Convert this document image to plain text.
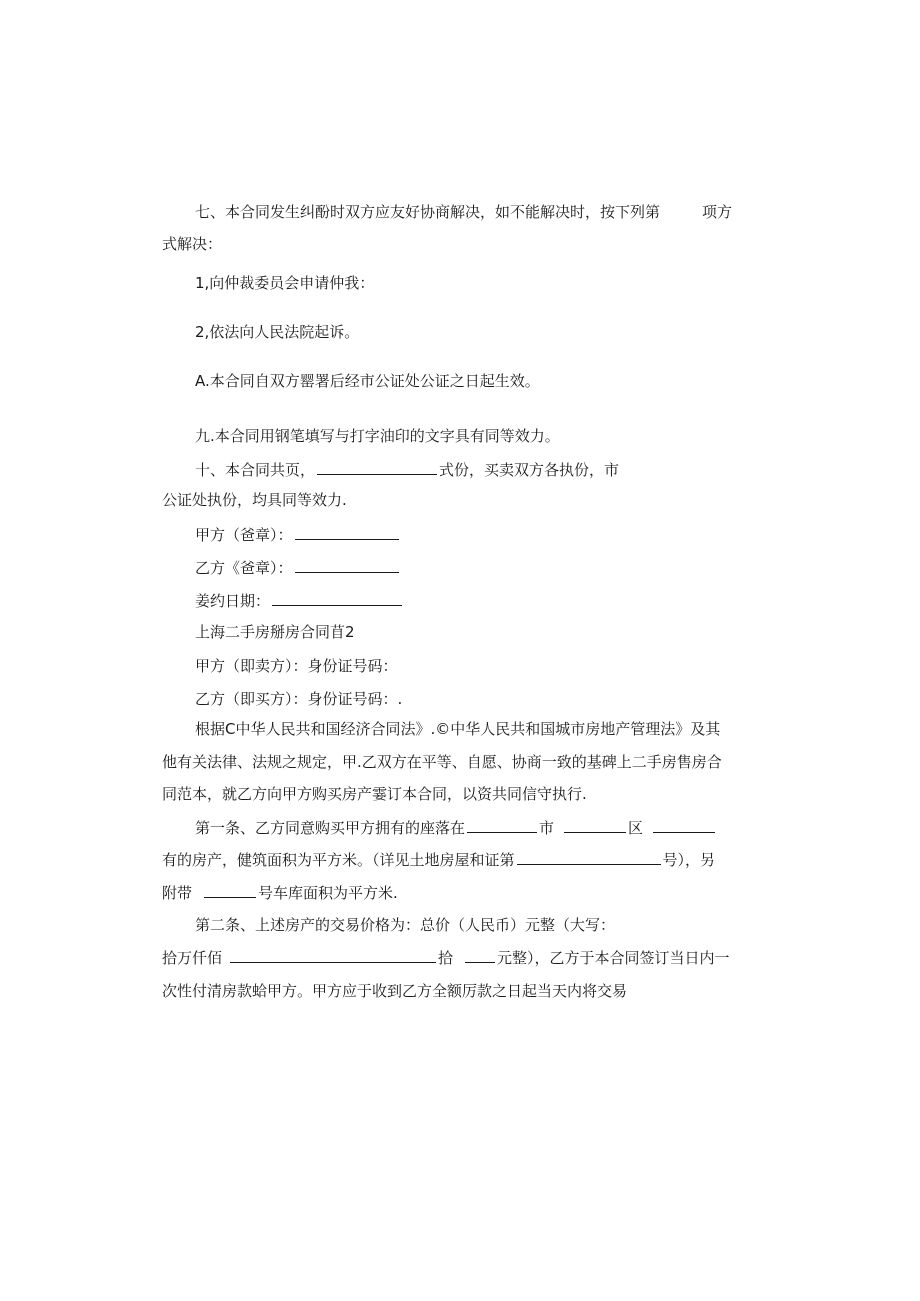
七、本合同发生纠酚时双方应友好协商解决，如不能解决时，按下列第	项方
式解决：
1,向仲裁委员会申请仲我：
2,依法向人民法院起诉。
A.本合同自双方罂署后经市公证处公证之日起生效。
九.本合同用钢笔填写与打字油印的文字具有同等效力。
十、本合同共页，	式份，买卖双方各执份，市
公证处执份，均具同等效力.
甲方（爸章）：
乙方《爸章）：
姜约日期：
上海二手房掰房合同苜2
甲方（即卖方）：身份证号码：
乙方（即买方）：身份证号码：.
根据C中华人民共和国经济合同法》.©中华人民共和国城市房地产管理法》及其
他有关法律、法规之规定，甲.乙双方在平等、自愿、协商一致的基碑上二手房售房合
同范本，就乙方向甲方购买房产霎订本合同，以资共同信守执行.
第一条、乙方同意购买甲方拥有的座落在	市	区
有的房产，健筑面积为平方米。（详见土地房屋和证第	号），另
附带	号车库面积为平方米.
第二条、上述房产的交易价格为：总价（人民币）元整（大写：
拾万仟佰	拾	元整），乙方于本合同签订当日内一
次性付清房款蛤甲方。甲方应于收到乙方全额厉款之日起当天内将交易
